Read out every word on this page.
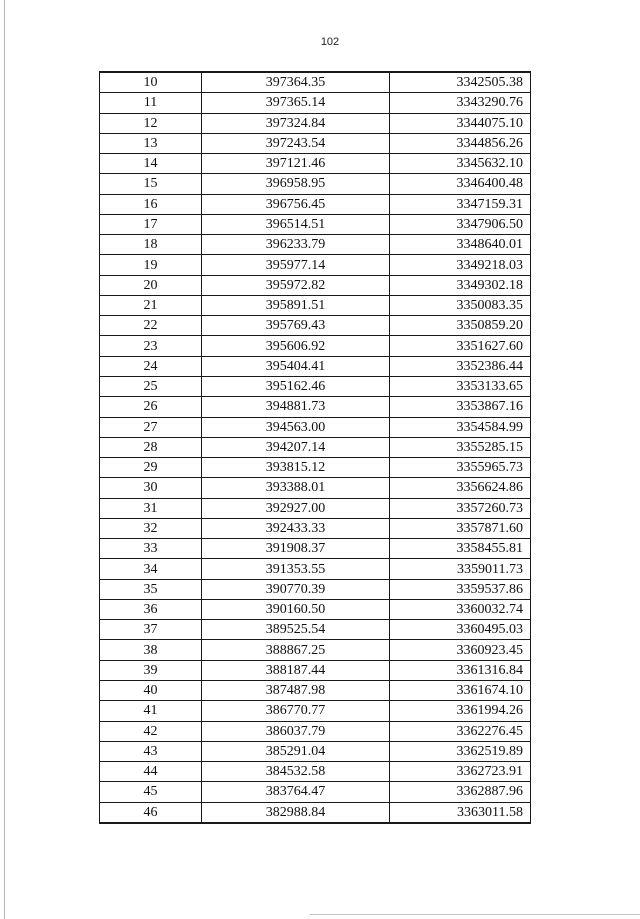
102
10	397364.35	3342505.38
11	397365.14	3343290.76
12	397324.84	3344075.10
13	397243.54	3344856.26
14	397121.46	3345632.10
15	396958.95	3346400.48
16	396756.45	3347159.31
17	396514.51	3347906.50
18	396233.79	3348640.01
19	395977.14	3349218.03
20	395972.82	3349302.18
21	395891.51	3350083.35
22	395769.43	3350859.20
23	395606.92	3351627.60
24	395404.41	3352386.44
25	395162.46	3353133.65
26	394881.73	3353867.16
27	394563.00	3354584.99
28	394207.14	3355285.15
29	393815.12	3355965.73
30	393388.01	3356624.86
31	392927.00	3357260.73
32	392433.33	3357871.60
33	391908.37	3358455.81
34	391353.55	3359011.73
35	390770.39	3359537.86
36	390160.50	3360032.74
37	389525.54	3360495.03
38	388867.25	3360923.45
39	388187.44	3361316.84
40	387487.98	3361674.10
41	386770.77	3361994.26
42	386037.79	3362276.45
43	385291.04	3362519.89
44	384532.58	3362723.91
45	383764.47	3362887.96
46	382988.84	3363011.58
